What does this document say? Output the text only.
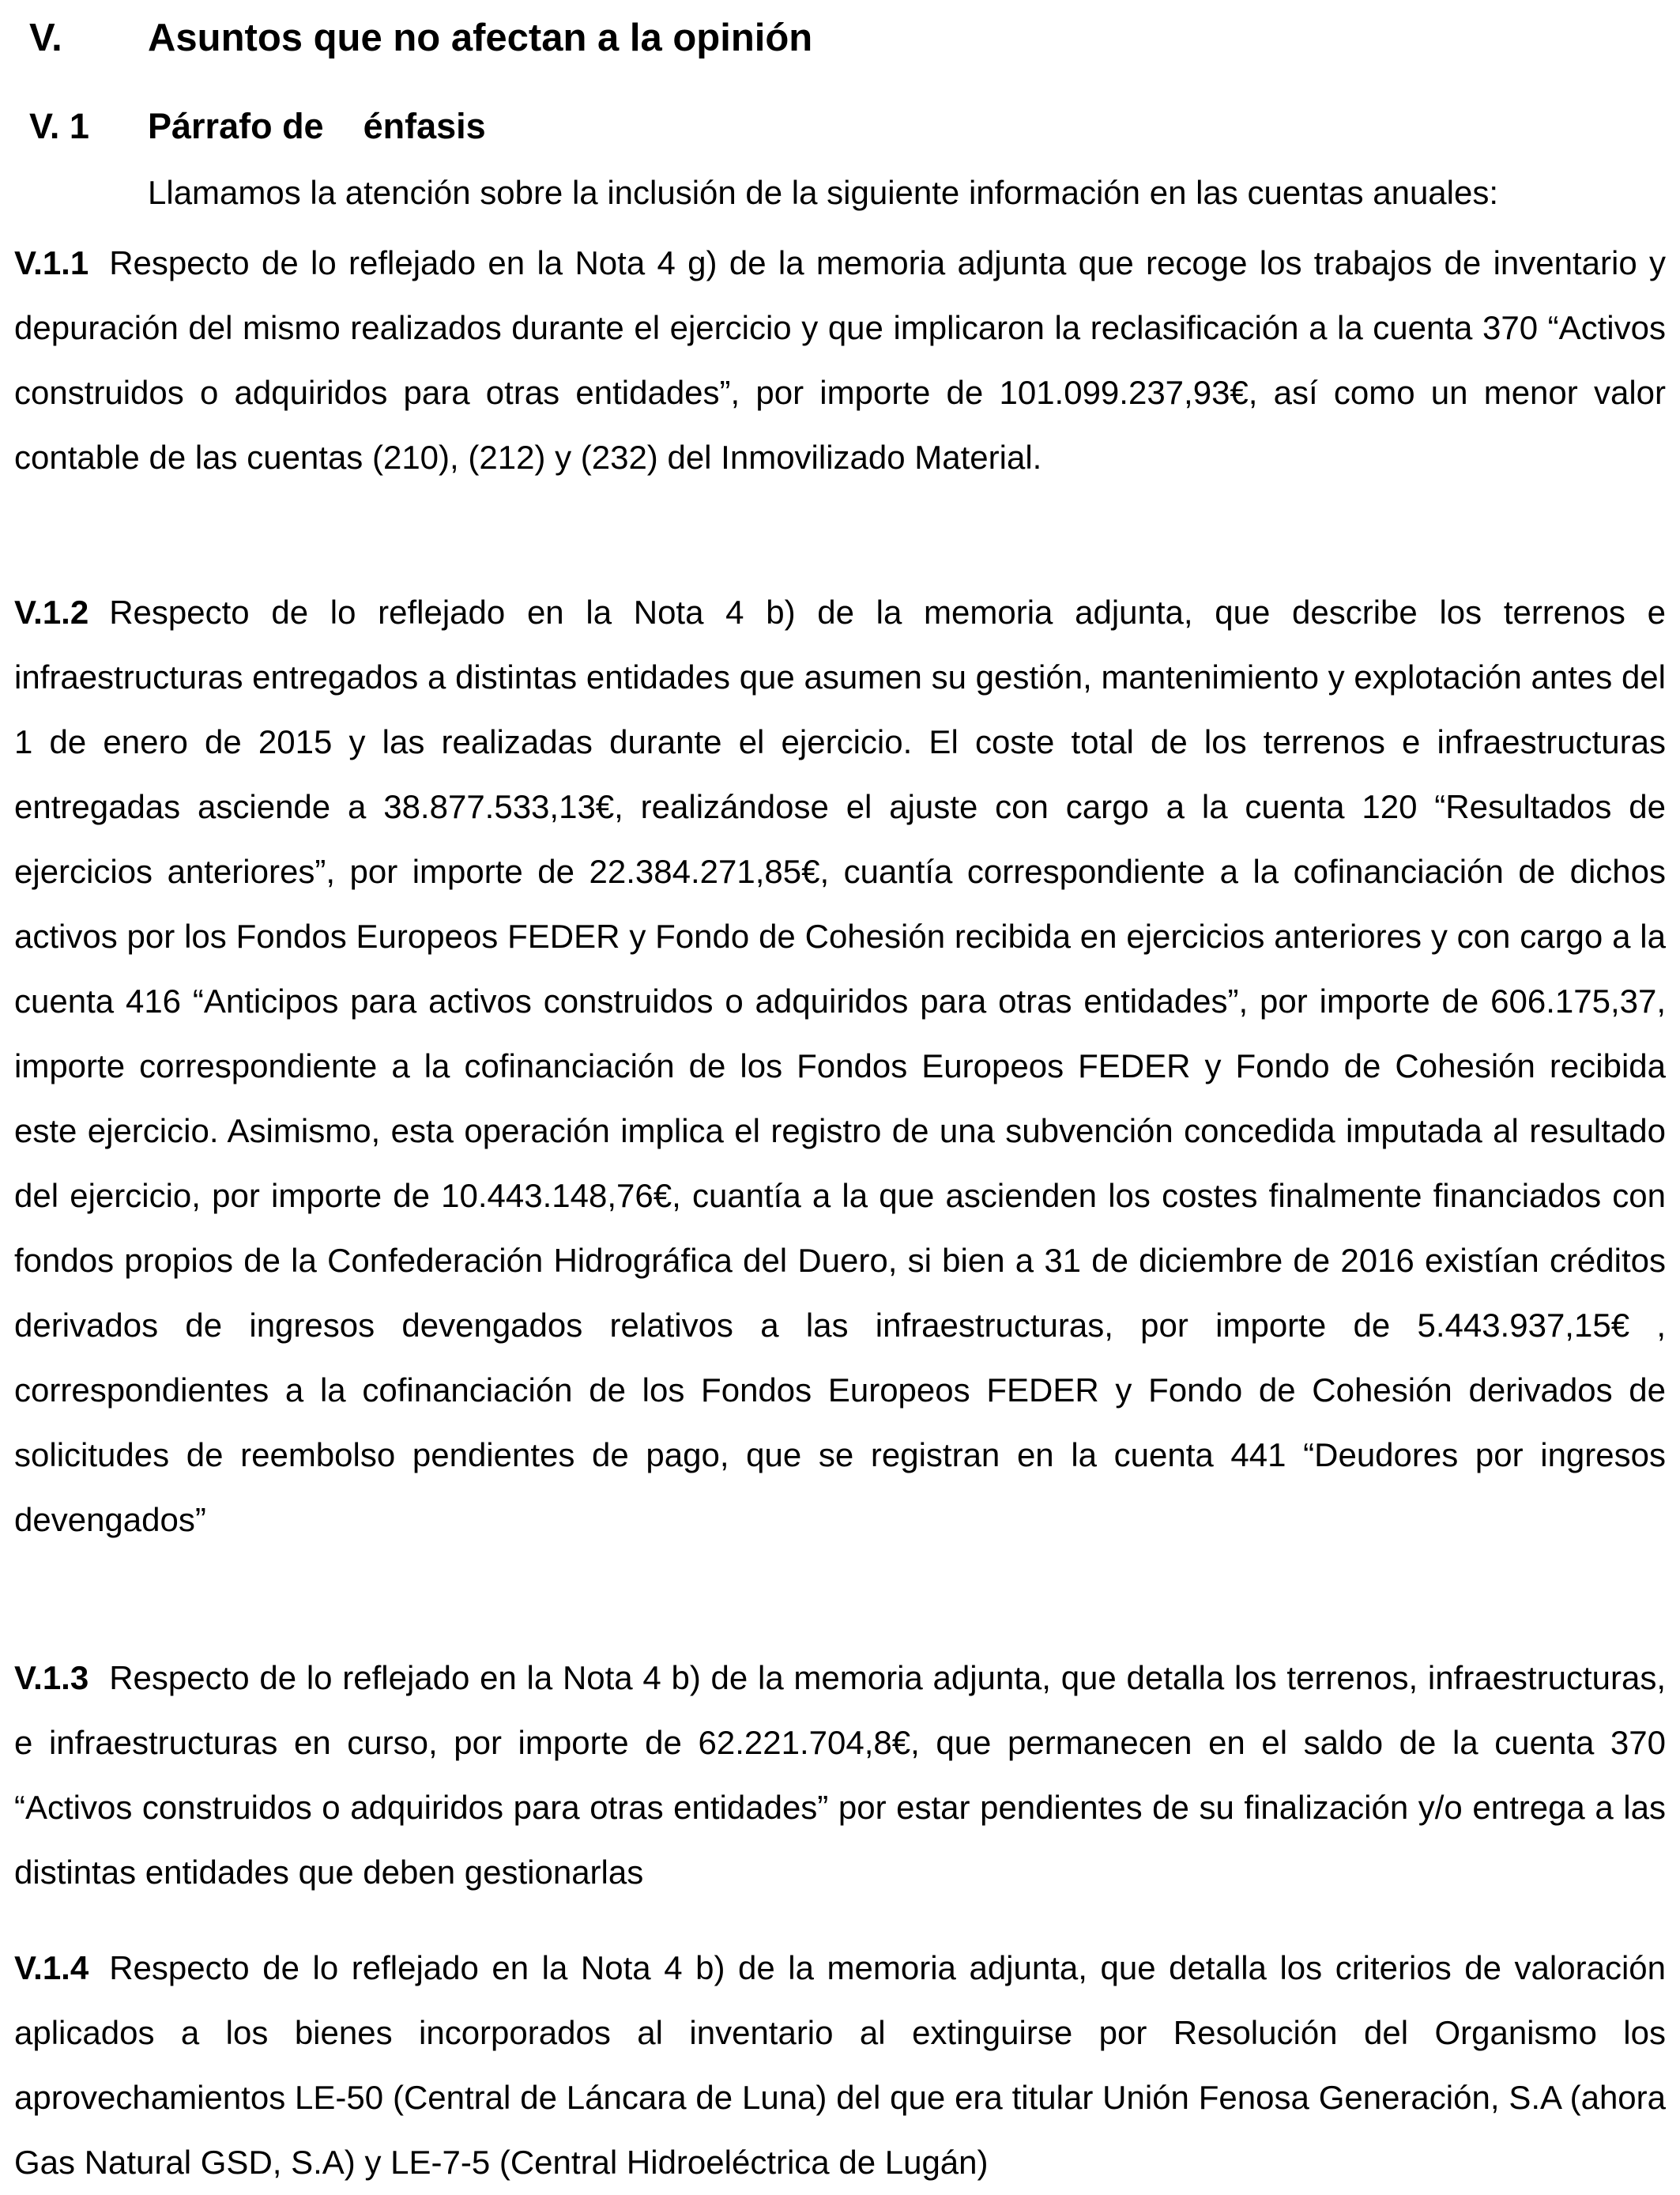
V. Asuntos que no afectan a la opinión
V. 1 Párrafo de    énfasis
Llamamos la atención sobre la inclusión de la siguiente información en las cuentas anuales:

V.1.1 Respecto de lo reflejado en la Nota 4 g) de la memoria adjunta que recoge los trabajos de inventario y depuración del mismo realizados durante el ejercicio y que implicaron la reclasificación a la cuenta 370 “Activos construidos o adquiridos para otras entidades”, por importe de 101.099.237,93€, así como un menor valor contable de las cuentas (210), (212) y (232) del Inmovilizado Material.

V.1.2 Respecto de lo reflejado en la Nota 4 b) de la memoria adjunta, que describe los terrenos e infraestructuras entregados a distintas entidades que asumen su gestión, mantenimiento y explotación antes del 1 de enero de 2015 y las realizadas durante el ejercicio. El coste total de los terrenos e infraestructuras entregadas asciende a 38.877.533,13€, realizándose el ajuste con cargo a la cuenta 120 “Resultados de ejercicios anteriores”, por importe de 22.384.271,85€, cuantía correspondiente a la cofinanciación de dichos activos por los Fondos Europeos FEDER y Fondo de Cohesión recibida en ejercicios anteriores y con cargo a la cuenta 416 “Anticipos para activos construidos o adquiridos para otras entidades”, por importe de 606.175,37, importe correspondiente a la cofinanciación de los Fondos Europeos FEDER y Fondo de Cohesión recibida este ejercicio. Asimismo, esta operación implica el registro de una subvención concedida imputada al resultado del ejercicio, por importe de 10.443.148,76€, cuantía a la que ascienden los costes finalmente financiados con fondos propios de la Confederación Hidrográfica del Duero, si bien a 31 de diciembre de 2016 existían créditos derivados de ingresos devengados relativos a las infraestructuras, por importe de 5.443.937,15€ , correspondientes a la cofinanciación de los Fondos Europeos FEDER y Fondo de Cohesión derivados de solicitudes de reembolso pendientes de pago, que se registran en la cuenta 441 “Deudores por ingresos devengados”

V.1.3 Respecto de lo reflejado en la Nota 4 b) de la memoria adjunta, que detalla los terrenos, infraestructuras, e infraestructuras en curso, por importe de 62.221.704,8€, que permanecen en el saldo de la cuenta 370 “Activos construidos o adquiridos para otras entidades” por estar pendientes de su finalización y/o entrega a las distintas entidades que deben gestionarlas

V.1.4 Respecto de lo reflejado en la Nota 4 b) de la memoria adjunta, que detalla los criterios de valoración aplicados a los bienes incorporados al inventario al extinguirse por Resolución del Organismo los aprovechamientos LE-50 (Central de Láncara de Luna) del que era titular Unión Fenosa Generación, S.A (ahora Gas Natural GSD, S.A) y LE-7-5 (Central Hidroeléctrica de Lugán)
